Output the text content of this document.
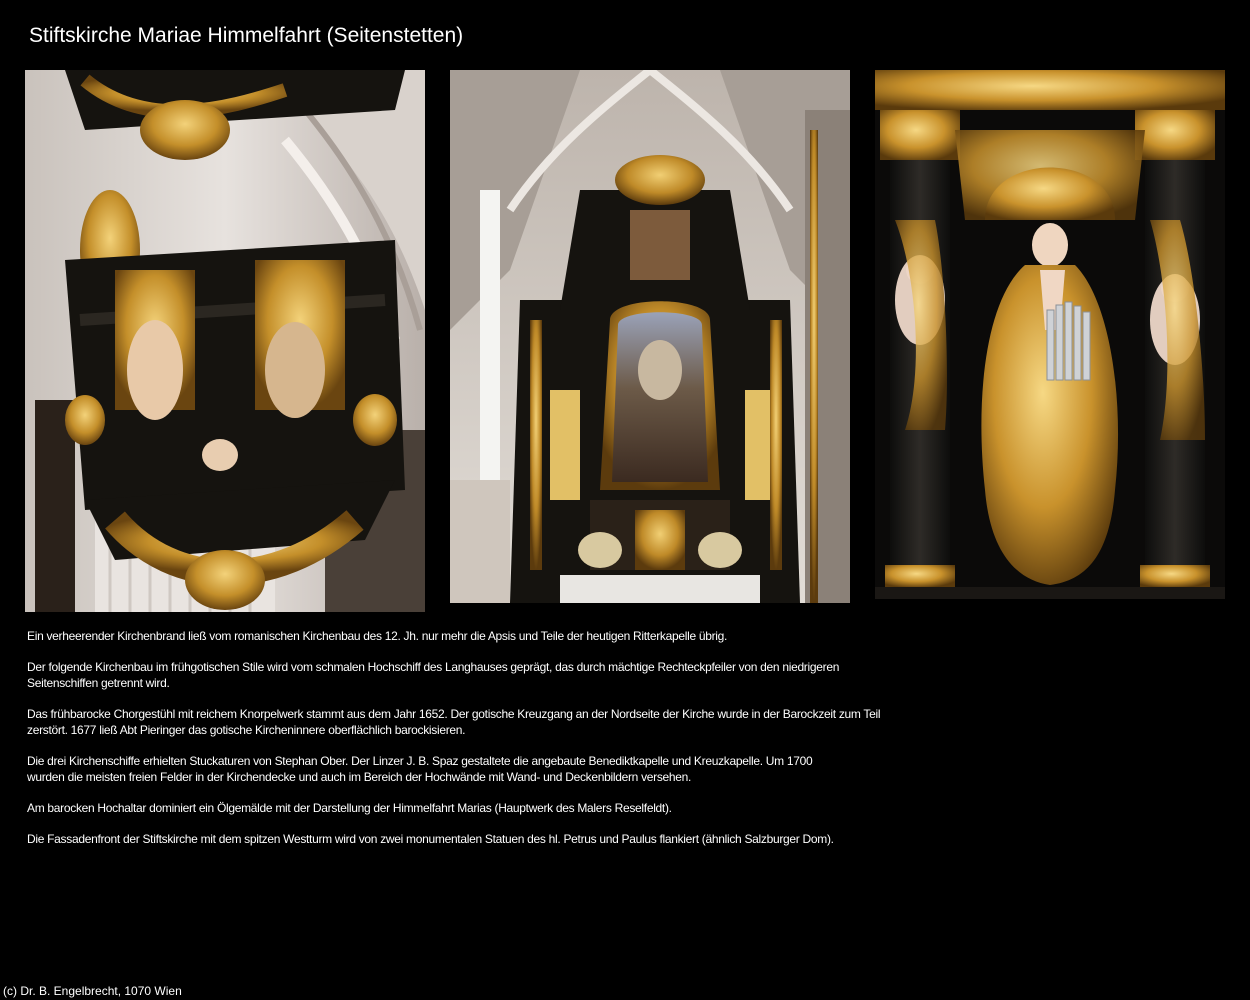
Stiftskirche Mariae Himmelfahrt (Seitenstetten)

Ein verheerender Kirchenbrand ließ vom romanischen Kirchenbau des 12. Jh. nur mehr die Apsis und Teile der heutigen Ritterkapelle übrig.

Der folgende Kirchenbau im frühgotischen Stile wird vom schmalen Hochschiff des Langhauses geprägt, das durch mächtige Rechteckpfeiler von den niedrigeren
Seitenschiffen getrennt wird.

Das frühbarocke Chorgestühl mit reichem Knorpelwerk stammt aus dem Jahr 1652. Der gotische Kreuzgang an der Nordseite der Kirche wurde in der Barockzeit zum Teil
zerstört. 1677 ließ Abt Pieringer das gotische Kircheninnere oberflächlich barockisieren.

Die drei Kirchenschiffe erhielten Stuckaturen von Stephan Ober. Der Linzer J. B. Spaz gestaltete die angebaute Benediktkapelle und Kreuzkapelle. Um 1700
wurden die meisten freien Felder in der Kirchendecke und auch im Bereich der Hochwände mit Wand- und Deckenbildern versehen.

Am barocken Hochaltar dominiert ein Ölgemälde mit der Darstellung der Himmelfahrt Marias (Hauptwerk des Malers Reselfeldt).

Die Fassadenfront der Stiftskirche mit dem spitzen Westturm wird von zwei monumentalen Statuen des hl. Petrus und Paulus flankiert (ähnlich Salzburger Dom).

(c) Dr. B. Engelbrecht, 1070 Wien
